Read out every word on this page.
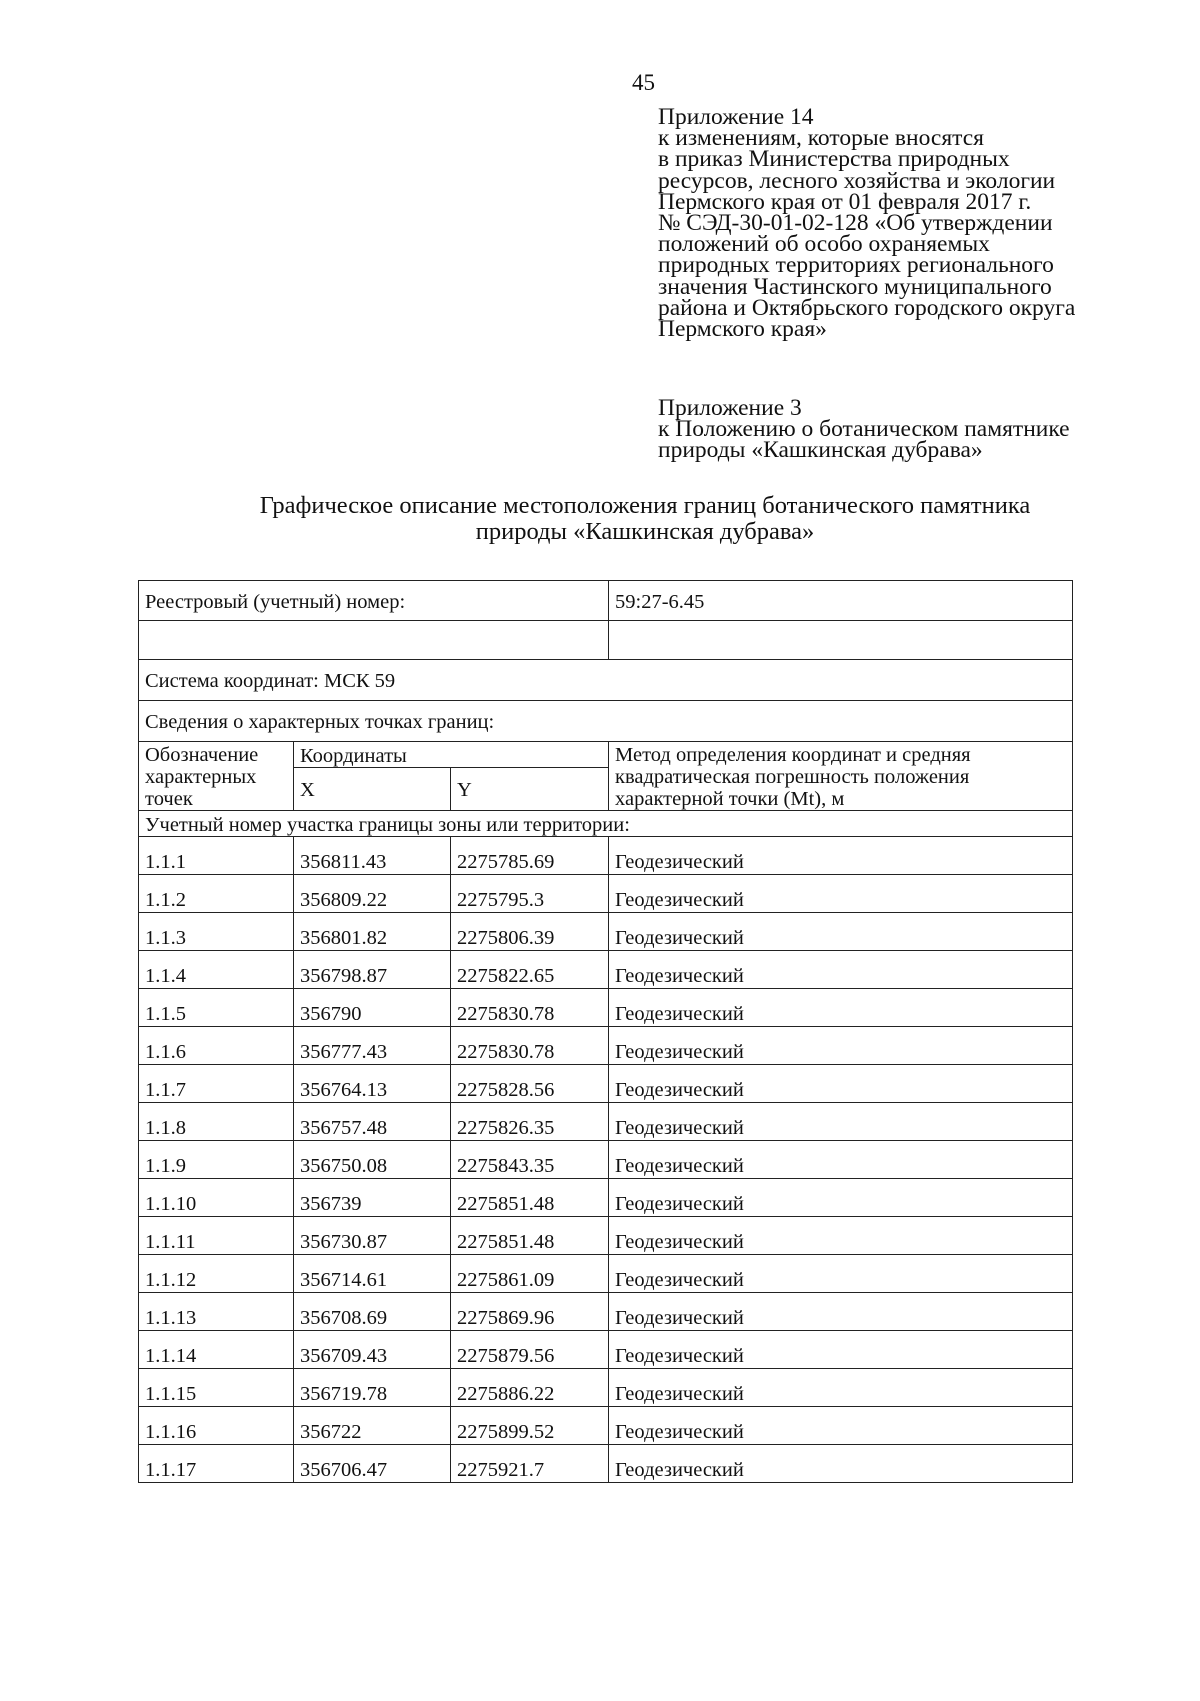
45
Приложение 14
к изменениям, которые вносятся
в приказ Министерства природных
ресурсов, лесного хозяйства и экологии
Пермского края от 01 февраля 2017 г.
№ СЭД-30-01-02-128 «Об утверждении
положений об особо охраняемых
природных территориях регионального
значения Частинского муниципального
района и Октябрьского городского округа
Пермского края»
Приложение 3
к Положению о ботаническом памятнике
природы «Кашкинская дубрава»
Графическое описание местоположения границ ботанического памятника
природы «Кашкинская дубрава»
Реестровый (учетный) номер:			59:27-6.45

Система координат: МСК 59			
Сведения о характерных точках границ:			
Обозначение характерных точек	Координаты		Метод определения координат и средняя квадратическая погрешность положения характерной точки (Mt), м
	X	Y	
Учетный номер участка границы зоны или территории:			
1.1.1	356811.43	2275785.69	Геодезический
1.1.2	356809.22	2275795.3	Геодезический
1.1.3	356801.82	2275806.39	Геодезический
1.1.4	356798.87	2275822.65	Геодезический
1.1.5	356790	2275830.78	Геодезический
1.1.6	356777.43	2275830.78	Геодезический
1.1.7	356764.13	2275828.56	Геодезический
1.1.8	356757.48	2275826.35	Геодезический
1.1.9	356750.08	2275843.35	Геодезический
1.1.10	356739	2275851.48	Геодезический
1.1.11	356730.87	2275851.48	Геодезический
1.1.12	356714.61	2275861.09	Геодезический
1.1.13	356708.69	2275869.96	Геодезический
1.1.14	356709.43	2275879.56	Геодезический
1.1.15	356719.78	2275886.22	Геодезический
1.1.16	356722	2275899.52	Геодезический
1.1.17	356706.47	2275921.7	Геодезический
